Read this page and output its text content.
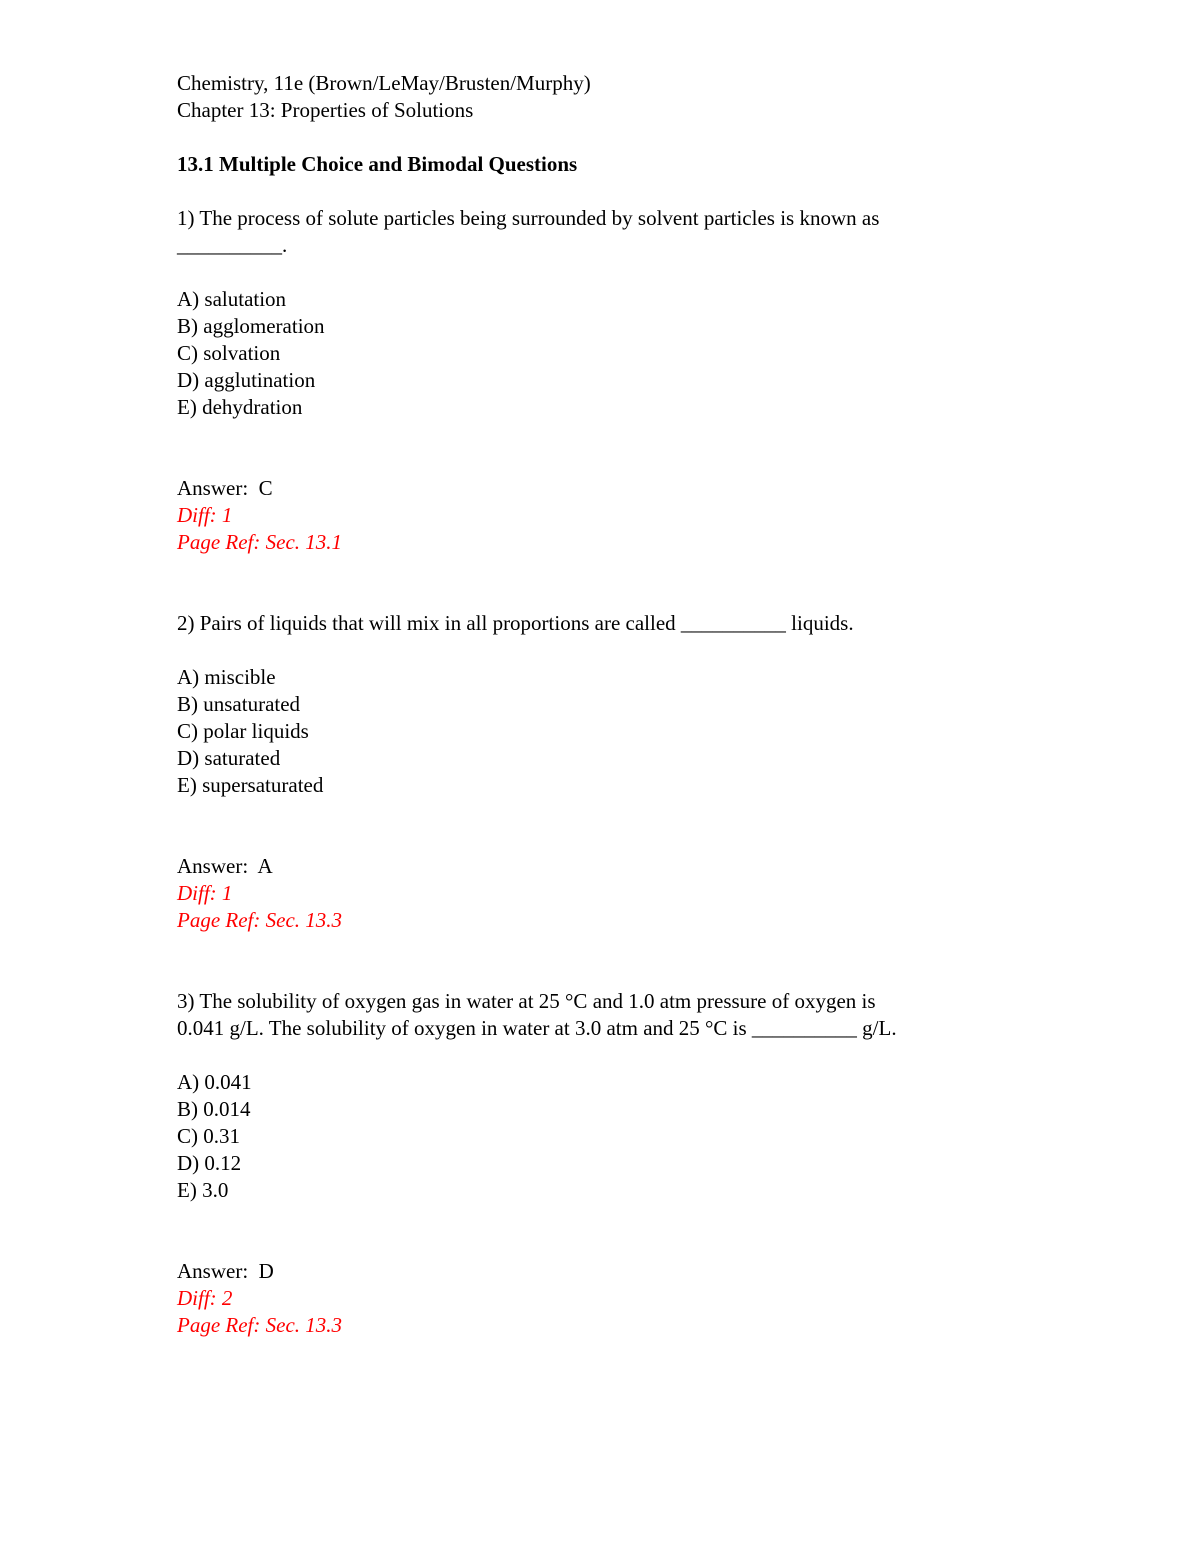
Chemistry, 11e (Brown/LeMay/Brusten/Murphy)
Chapter 13: Properties of Solutions
13.1 Multiple Choice and Bimodal Questions
1) The process of solute particles being surrounded by solvent particles is known as
__________.
A) salutation
B) agglomeration
C) solvation
D) agglutination
E) dehydration
Answer:  C
Diff: 1
Page Ref: Sec. 13.1
2) Pairs of liquids that will mix in all proportions are called __________ liquids.
A) miscible
B) unsaturated
C) polar liquids
D) saturated
E) supersaturated
Answer:  A
Diff: 1
Page Ref: Sec. 13.3
3) The solubility of oxygen gas in water at 25 °C and 1.0 atm pressure of oxygen is
0.041 g/L. The solubility of oxygen in water at 3.0 atm and 25 °C is __________ g/L.
A) 0.041
B) 0.014
C) 0.31
D) 0.12
E) 3.0
Answer:  D
Diff: 2
Page Ref: Sec. 13.3
